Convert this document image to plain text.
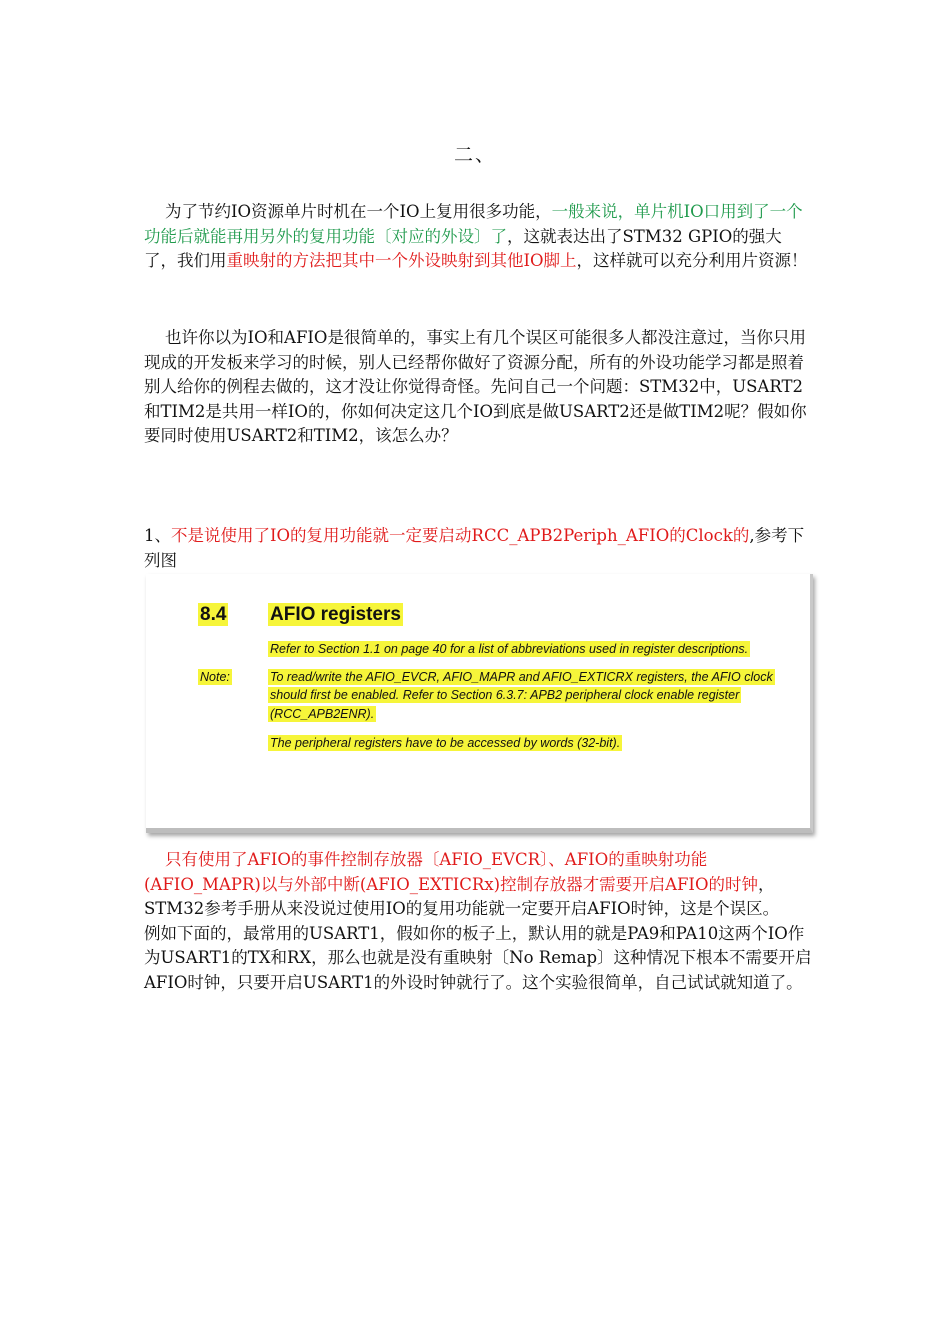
二、
为了节约IO资源单片时机在一个IO上复用很多功能，一般来说，单片机IO口用到了一个功能后就能再用另外的复用功能〔对应的外设〕了，这就表达出了STM32 GPIO的强大了，我们用重映射的方法把其中一个外设映射到其他IO脚上，这样就可以充分利用片资源！
也许你以为IO和AFIO是很简单的，事实上有几个误区可能很多人都没注意过，当你只用现成的开发板来学习的时候，别人已经帮你做好了资源分配，所有的外设功能学习都是照着别人给你的例程去做的，这才没让你觉得奇怪。先问自己一个问题：STM32中，USART2和TIM2是共用一样IO的，你如何决定这几个IO到底是做USART2还是做TIM2呢？假如你要同时使用USART2和TIM2，该怎么办？
1、不是说使用了IO的复用功能就一定要启动RCC_APB2Periph_AFIO的Clock的,参考下列图
8.4 AFIO registers
Refer to Section 1.1 on page 40 for a list of abbreviations used in register descriptions.
Note:	To read/write the AFIO_EVCR, AFIO_MAPR and AFIO_EXTICRX registers, the AFIO clock
should first be enabled. Refer to Section 6.3.7: APB2 peripheral clock enable register
(RCC_APB2ENR).
The peripheral registers have to be accessed by words (32-bit).
只有使用了AFIO的事件控制存放器〔AFIO_EVCR〕、AFIO的重映射功能(AFIO_MAPR)以与外部中断(AFIO_EXTICRx)控制存放器才需要开启AFIO的时钟，STM32参考手册从来没说过使用IO的复用功能就一定要开启AFIO时钟，这是个误区。
例如下面的，最常用的USART1，假如你的板子上，默认用的就是PA9和PA10这两个IO作为USART1的TX和RX，那么也就是没有重映射〔No Remap〕这种情况下根本不需要开启AFIO时钟，只要开启USART1的外设时钟就行了。这个实验很简单，自己试试就知道了。
